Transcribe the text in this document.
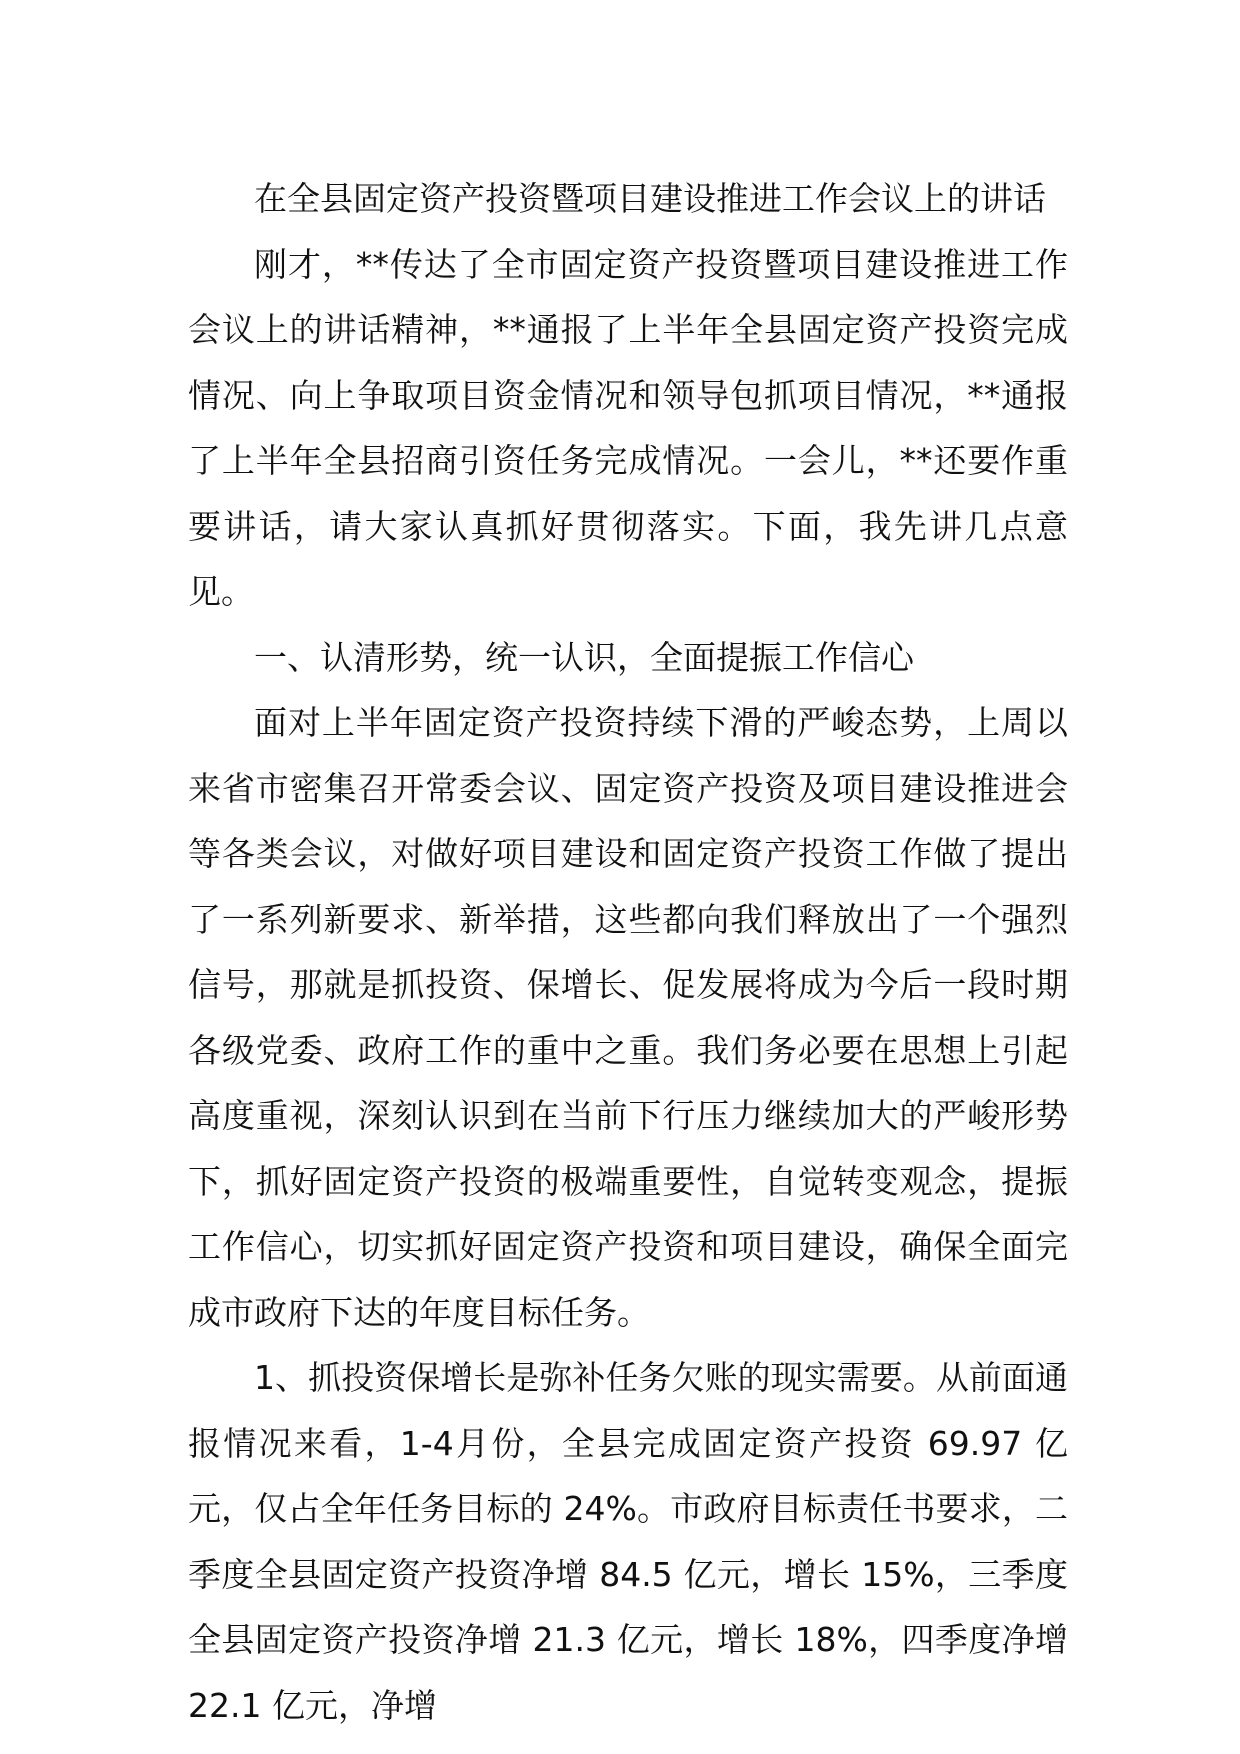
在全县固定资产投资暨项目建设推进工作会议上的讲话

刚才，**传达了全市固定资产投资暨项目建设推进工作会议上的讲话精神，**通报了上半年全县固定资产投资完成情况、向上争取项目资金情况和领导包抓项目情况，**通报了上半年全县招商引资任务完成情况。一会儿，**还要作重要讲话，请大家认真抓好贯彻落实。下面，我先讲几点意见。

一、认清形势，统一认识，全面提振工作信心

面对上半年固定资产投资持续下滑的严峻态势，上周以来省市密集召开常委会议、固定资产投资及项目建设推进会等各类会议，对做好项目建设和固定资产投资工作做了提出了一系列新要求、新举措，这些都向我们释放出了一个强烈信号，那就是抓投资、保增长、促发展将成为今后一段时期各级党委、政府工作的重中之重。我们务必要在思想上引起高度重视，深刻认识到在当前下行压力继续加大的严峻形势下，抓好固定资产投资的极端重要性，自觉转变观念，提振工作信心，切实抓好固定资产投资和项目建设，确保全面完成市政府下达的年度目标任务。

1、抓投资保增长是弥补任务欠账的现实需要。从前面通报情况来看，1-4月份，全县完成固定资产投资 69.97 亿元，仅占全年任务目标的 24%。市政府目标责任书要求，二季度全县固定资产投资净增 84.5 亿元，增长 15%，三季度全县固定资产投资净增 21.3 亿元，增长 18%，四季度净增 22.1 亿元，净增
